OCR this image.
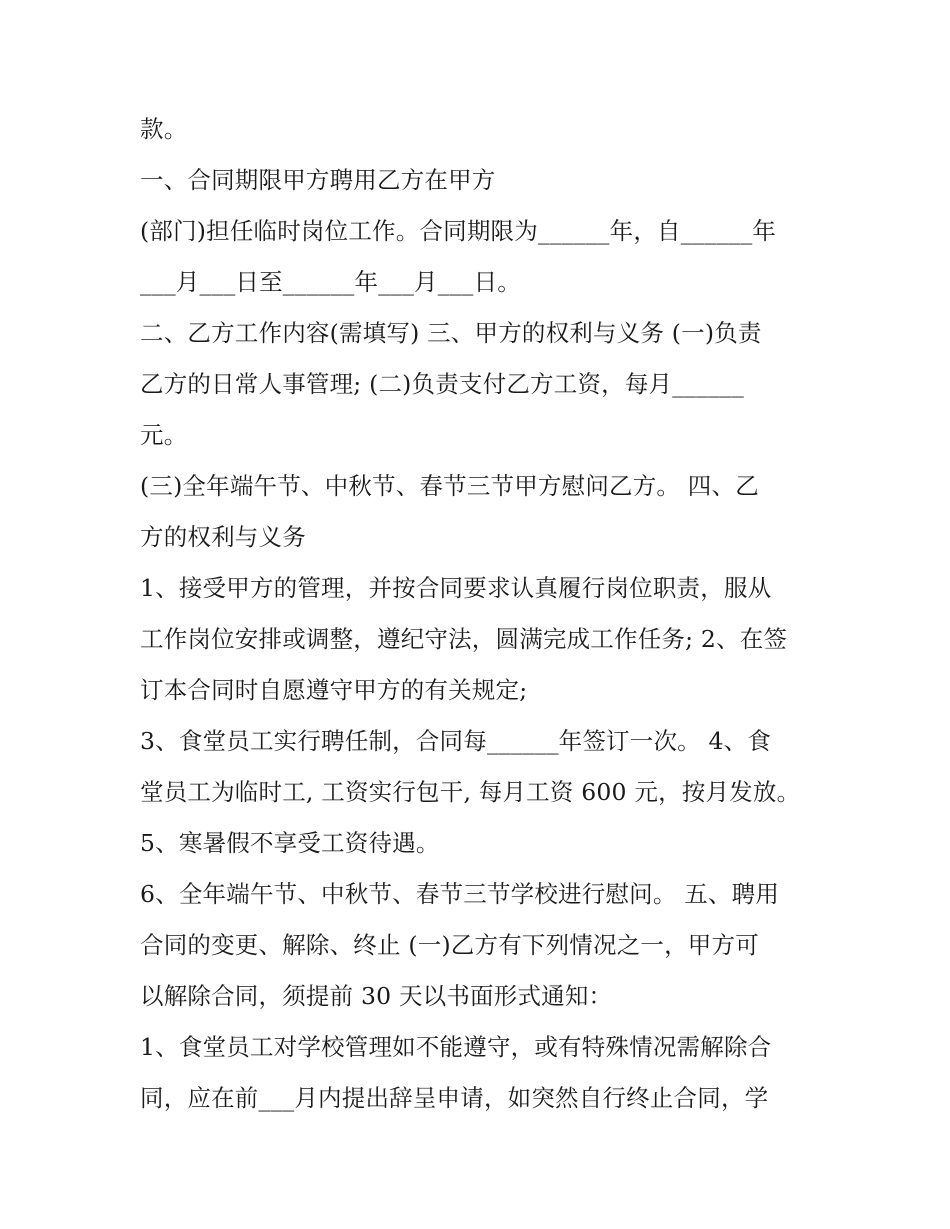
款。
一、合同期限甲方聘用乙方在甲方
(部门)担任临时岗位工作。合同期限为______年，自______年
___月___日至______年___月___日。
二、乙方工作内容(需填写) 三、甲方的权利与义务 (一)负责
乙方的日常人事管理; (二)负责支付乙方工资，每月______
元。
(三)全年端午节、中秋节、春节三节甲方慰问乙方。 四、乙
方的权利与义务
1、接受甲方的管理，并按合同要求认真履行岗位职责，服从
工作岗位安排或调整，遵纪守法，圆满完成工作任务; 2、在签
订本合同时自愿遵守甲方的有关规定;
3、食堂员工实行聘任制，合同每______年签订一次。 4、食
堂员工为临时工, 工资实行包干, 每月工资 600 元，按月发放。
5、寒暑假不享受工资待遇。
6、全年端午节、中秋节、春节三节学校进行慰问。 五、聘用
合同的变更、解除、终止 (一)乙方有下列情况之一，甲方可
以解除合同，须提前 30 天以书面形式通知：
1、食堂员工对学校管理如不能遵守，或有特殊情况需解除合
同，应在前___月内提出辞呈申请，如突然自行终止合同，学
